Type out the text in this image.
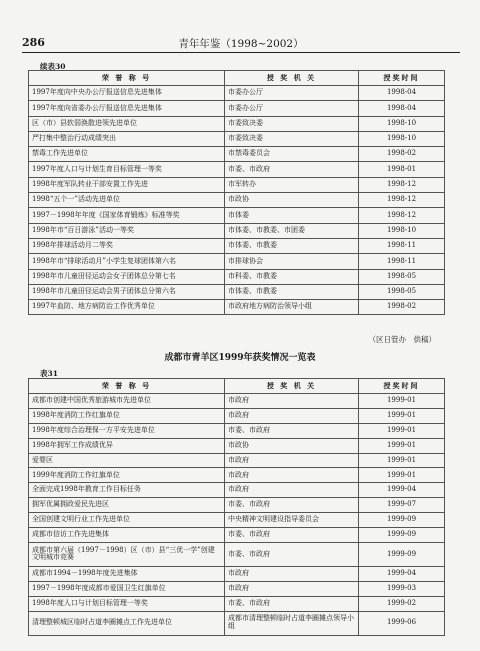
286	青年年鉴（1998~2002）
续表30
荣 誉 称 号	授 奖 机 关	授奖时间
1997年度向中央办公厅报送信息先进集体	市委办公厅	1998-04
1997年度向省委办公厅报送信息先进集体	市委办公厅	1998-04
区（市）县软弱涣散进领先进单位	市委致决委	1998-10
严打集中整治行动成绩突出	市委致决委	1998-10
禁毒工作先进单位	市禁毒委员会	1998-02
1997年度人口与计划生育目标管理一等奖	市委、市政府	1998-01
1998年度军队转业干部安置工作先进	市军转办	1998-12
1998“五个一”活动先进单位	市政协	1998-12
1997－1998年年度《国家体育锻炼》标准等奖	市体委	1998-12
1998年市“百日游泳”活动一等奖	市体委、市教委、市团委	1998-10
1998年排球活动月二等奖	市体委、市教委	1998-11
1998年市“排球活动月”小学生复球团体第六名	市排球协会	1998-11
1998年市儿童田径运动会女子团体总分第七名	市科委、市教委	1998-05
1998年市儿童田径运动会男子团体总分第六名	市体委、市教委	1998-05
1997年血防、地方病防治工作优秀单位	市政府地方病防治领导小组	1998-02
（区日管办　供稿）
成都市青羊区1999年获奖情况一览表
表31
荣 誉 称 号	授 奖 机 关	授奖时间
成都市创建中国优秀旅游城市先进单位	市政府	1999-01
1998年度消防工作红旗单位	市政府	1999-01
1998年度综合治理保一方平安先进单位	市委、市政府	1999-01
1998年拥军工作成绩优异	市政协	1999-01
爱婴区	市政府	1999-01
1999年度消防工作红旗单位	市政府	1999-01
全面完成1998年教育工作目标任务	市政府	1999-04
拥军优属拥政爱民先进区	市委、市政府	1999-07
全国创建文明行业工作先进单位	中央精神文明建设指导委员会	1999-09
成都市信访工作先进集体	市委、市政府	1999-09
成都市第六届（1997－1998）区（市）县“三优一学”创建文明城市竞赛	市委、市政府	1999-09
成都市1994－1998年度先进集体	市政府	1999-04
1997－1998年度成都市爱国卫生红旗单位	市政府	1999-03
1998年度人口与计划目标管理一等奖	市委、市政府	1999-02
清理整顿城区临时占道李圈摊点工作先进单位	成都市清理整顿临时占道李圈摊点领导小组	1999-06
